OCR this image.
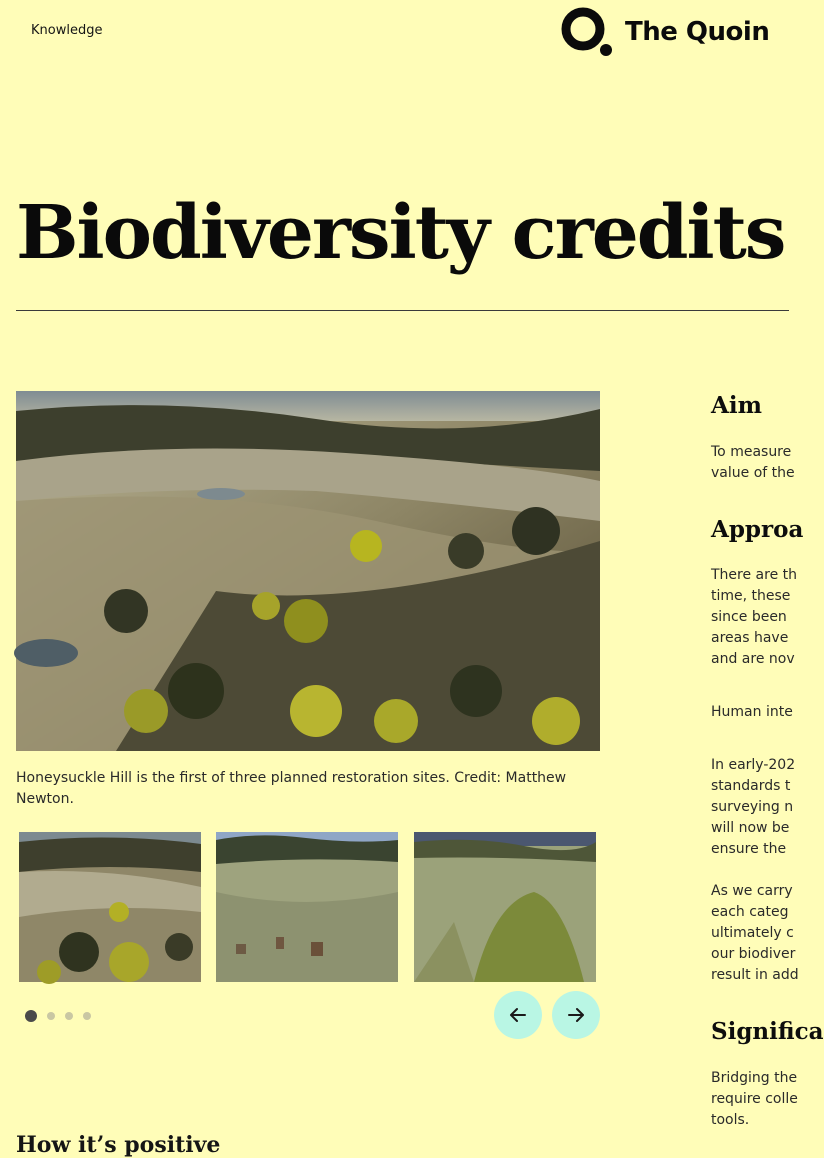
Knowledge	The Quoin
Biodiversity credits

Honeysuckle Hill is the first of three planned restoration sites. Credit: Matthew Newton.

How it’s positive
Aim

To measure

value of the

Approa

There are th

time, these

since been

areas have

and are nov

Human inte

In early-202

standards t

surveying n

will now be

ensure the

As we carry

each categ

ultimately c

our biodiver

result in add

Significa

Bridging the

require colle

tools.
